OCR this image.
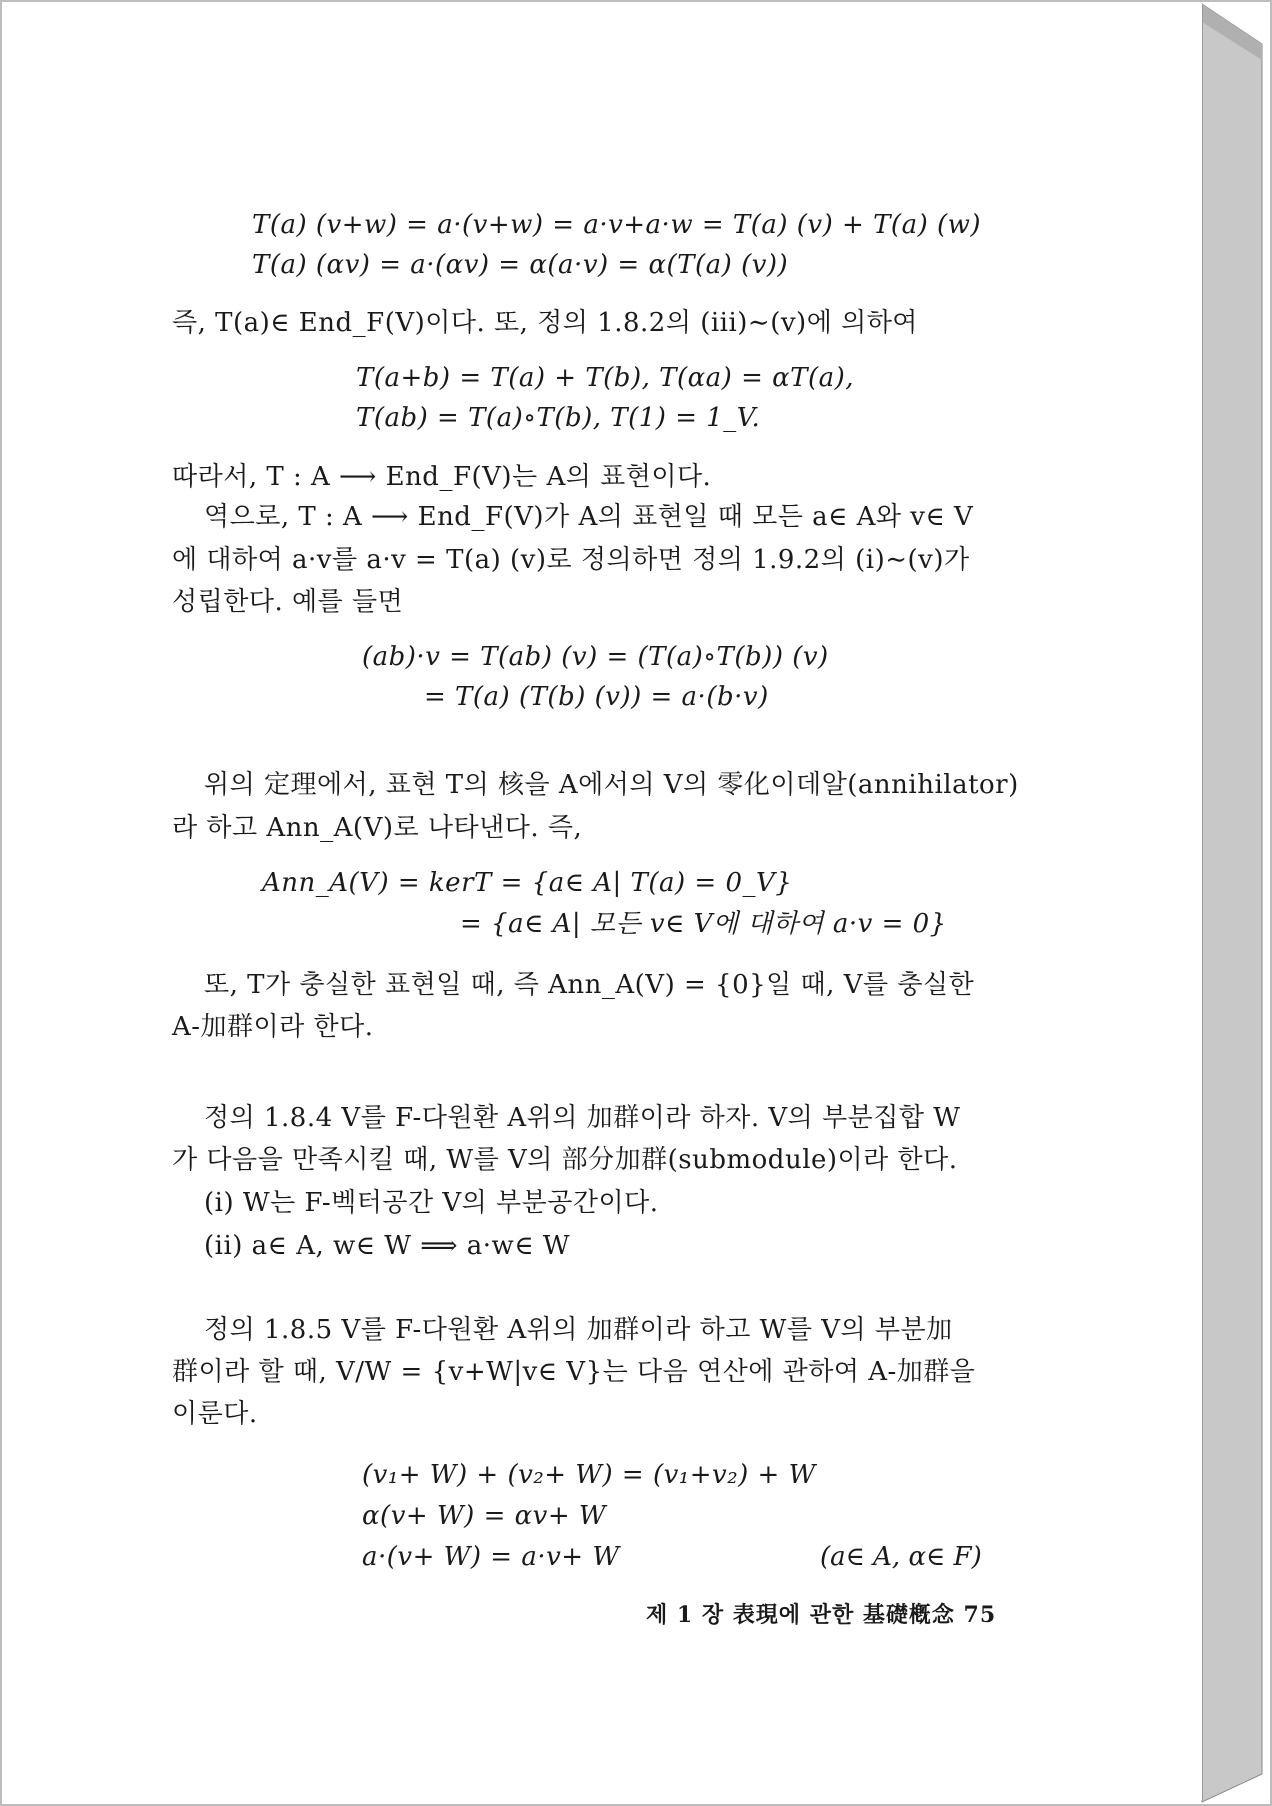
T(a) (v+w) = a·(v+w) = a·v+a·w = T(a) (v) + T(a) (w)
T(a) (αv) = a·(αv) = α(a·v) = α(T(a) (v))
즉, T(a)∈ End_F(V)이다. 또, 정의 1.8.2의 (iii)∼(v)에 의하여
T(a+b) = T(a) + T(b), T(αa) = αT(a),
T(ab) = T(a)∘T(b), T(1) = 1_V.
따라서, T : A ⟶ End_F(V)는 A의 표현이다.
역으로, T : A ⟶ End_F(V)가 A의 표현일 때 모든 a∈ A와 v∈ V
에 대하여 a·v를 a·v = T(a) (v)로 정의하면 정의 1.9.2의 (i)∼(v)가
성립한다. 예를 들면
(ab)·v = T(ab) (v) = (T(a)∘T(b)) (v)
= T(a) (T(b) (v)) = a·(b·v)
위의 定理에서, 표현 T의 核을 A에서의 V의 零化이데알(annihilator)
라 하고 Ann_A(V)로 나타낸다. 즉,
Ann_A(V) = kerT = {a∈ A| T(a) = 0_V}
= {a∈ A| 모든 v∈ V에 대하여 a·v = 0}
또, T가 충실한 표현일 때, 즉 Ann_A(V) = {0}일 때, V를 충실한
A-加群이라 한다.
정의 1.8.4 V를 F-다원환 A위의 加群이라 하자. V의 부분집합 W
가 다음을 만족시킬 때, W를 V의 部分加群(submodule)이라 한다.
(i) W는 F-벡터공간 V의 부분공간이다.
(ii) a∈ A, w∈ W ⟹ a·w∈ W
정의 1.8.5 V를 F-다원환 A위의 加群이라 하고 W를 V의 부분加
群이라 할 때, V/W = {v+W|v∈ V}는 다음 연산에 관하여 A-加群을
이룬다.
(v₁+ W) + (v₂+ W) = (v₁+v₂) + W
α(v+ W) = αv+ W
a·(v+ W) = a·v+ W	(a∈ A, α∈ F)
제 1 장 表現에 관한 基礎槪念 75
